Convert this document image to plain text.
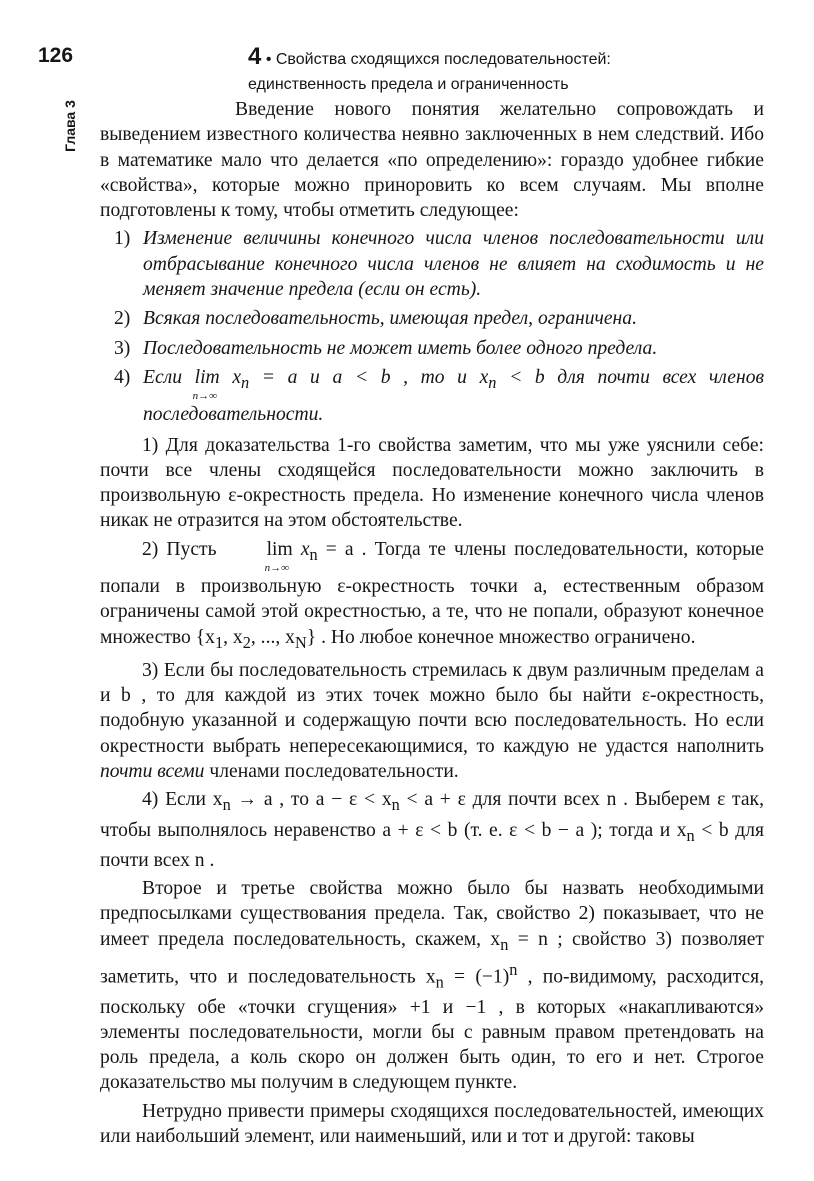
126
Глава 3
4 • Свойства сходящихся последовательностей:
единственность предела и ограниченность

Введение нового понятия желательно сопровождать и выведением известного количества неявно заключенных в нем следствий. Ибо в математике мало что делается «по определению»: гораздо удобнее гибкие «свойства», которые можно приноровить ко всем случаям. Мы вполне подготовлены к тому, чтобы отметить следующее:

1) Изменение величины конечного числа членов последовательности или отбрасывание конечного числа членов не влияет на сходимость и не меняет значение предела (если он есть).
2) Всякая последовательность, имеющая предел, ограничена.
3) Последовательность не может иметь более одного предела.
4) Если lim
n→∞
$x_n = a$ и a < b , то и $x_n < b$ для почти всех членов последовательности.

1) Для доказательства 1-го свойства заметим, что мы уже уяснили себе: почти все члены сходящейся последовательности можно заключить в произвольную ε-окрестность предела. Но изменение конечного числа членов никак не отразится на этом обстоятельстве.

2) Пусть	lim
n→∞
$x_n = a$ . Тогда те члены последовательности, которые попали в произвольную ε-окрестность точки a, естественным образом ограничены самой этой окрестностью, а те, что не попали, образуют конечное множество {$x_1$, $x_2$, ..., $x_N$} . Но любое конечное множество ограничено.

3) Если бы последовательность стремилась к двум различным пределам a и b , то для каждой из этих точек можно было бы найти ε-окрестность, подобную указанной и содержащую почти всю последовательность. Но если окрестности выбрать непересекающимися, то каждую не удастся наполнить почти всеми членами последовательности.

4) Если $x_n \to a$ , то $a - \varepsilon < x_n < a + \varepsilon$ для почти всех n . Выберем ε так, чтобы выполнялось неравенство a + ε < b (т. е. ε < b − a ); тогда и $x_n < b$ для почти всех n .

Второе и третье свойства можно было бы назвать необходимыми предпосылками существования предела. Так, свойство 2) показывает, что не имеет предела последовательность, скажем, $x_n = n$ ; свойство 3) позволяет заметить, что и последовательность $x_n = (-1)^n$ , по-видимому, расходится, поскольку обе «точки сгущения» +1 и −1 , в которых «накапливаются» элементы последовательности, могли бы с равным правом претендовать на роль предела, а коль скоро он должен быть один, то его и нет. Строгое доказательство мы получим в следующем пункте.

Нетрудно привести примеры сходящихся последовательностей, имеющих или наибольший элемент, или наименьший, или и тот и другой: таковы
